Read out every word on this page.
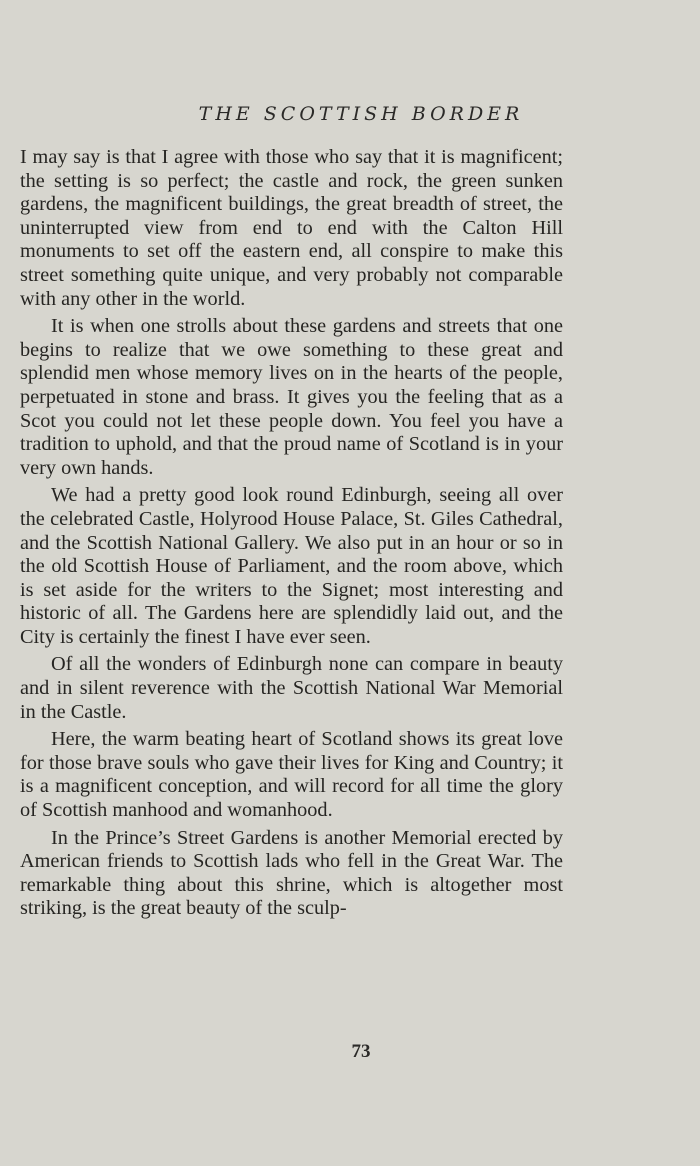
THE SCOTTISH BORDER

I may say is that I agree with those who say that it is magnificent; the setting is so perfect; the castle and rock, the green sunken gardens, the magnificent buildings, the great breadth of street, the uninterrupted view from end to end with the Calton Hill monuments to set off the eastern end, all conspire to make this street something quite unique, and very probably not comparable with any other in the world.

It is when one strolls about these gardens and streets that one begins to realize that we owe something to these great and splendid men whose memory lives on in the hearts of the people, perpetuated in stone and brass. It gives you the feeling that as a Scot you could not let these people down. You feel you have a tradition to uphold, and that the proud name of Scotland is in your very own hands.

We had a pretty good look round Edinburgh, seeing all over the celebrated Castle, Holyrood House Palace, St. Giles Cathedral, and the Scottish National Gallery. We also put in an hour or so in the old Scottish House of Parliament, and the room above, which is set aside for the writers to the Signet; most interesting and historic of all. The Gardens here are splendidly laid out, and the City is certainly the finest I have ever seen.

Of all the wonders of Edinburgh none can compare in beauty and in silent reverence with the Scottish National War Memorial in the Castle.

Here, the warm beating heart of Scotland shows its great love for those brave souls who gave their lives for King and Country; it is a magnificent conception, and will record for all time the glory of Scottish manhood and womanhood.

In the Prince’s Street Gardens is another Memorial erected by American friends to Scottish lads who fell in the Great War. The remarkable thing about this shrine, which is altogether most striking, is the great beauty of the sculp-

73
